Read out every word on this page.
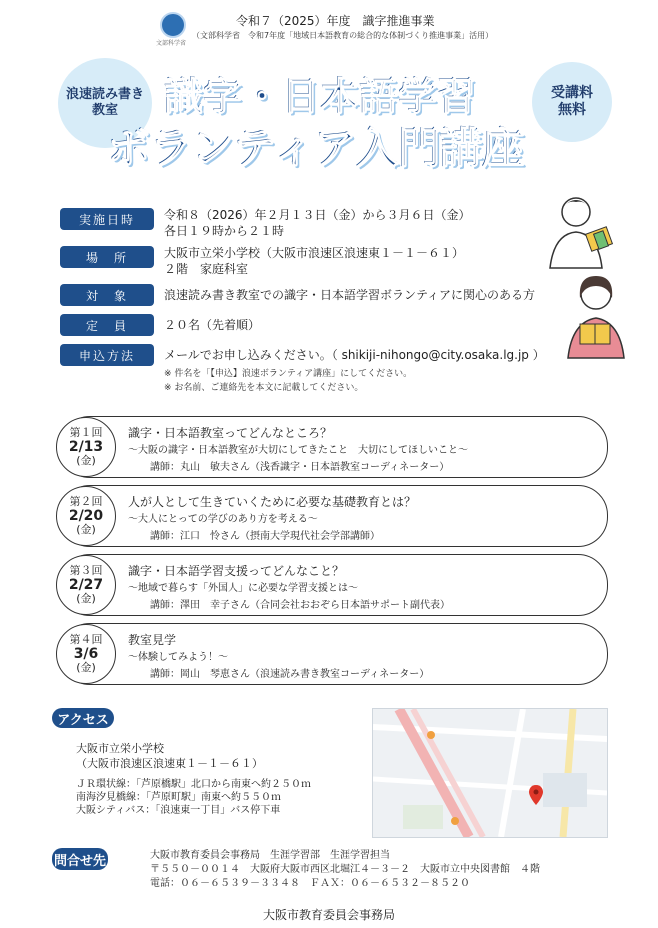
文部科学省
令和７（2025）年度　識字推進事業
（文部科学省　令和7年度「地域日本語教育の総合的な体制づくり推進事業」活用）
浪速読み書き
教室
受講料
無料
識字・日本語学習
ボランティア入門講座
実施日時	令和８（2026）年２月１３日（金）から３月６日（金）
各日１９時から２１時
場　所	大阪市立栄小学校（大阪市浪速区浪速東１－１－６１）
２階　家庭科室
対　象	浪速読み書き教室での識字・日本語学習ボランティアに関心のある方
定　員	２０名（先着順）
申込方法	メールでお申し込みください。（ shikiji-nihongo@city.osaka.lg.jp ）
※ 件名を「【申込】浪速ボランティア講座」にしてください。
※ お名前、ご連絡先を本文に記載してください。
第１回
2/13
(金)
識字・日本語教室ってどんなところ？
～大阪の識字・日本語教室が大切にしてきたこと　大切にしてほしいこと～
講師：丸山　敏夫さん（浅香識字・日本語教室コーディネーター）
第２回
2/20
(金)
人が人として生きていくために必要な基礎教育とは？
～大人にとっての学びのあり方を考える～
講師：江口　怜さん（摂南大学現代社会学部講師）
第３回
2/27
(金)
識字・日本語学習支援ってどんなこと？
～地域で暮らす「外国人」に必要な学習支援とは～
講師：澤田　幸子さん（合同会社おおぞら日本語サポート副代表）
第４回
3/6
(金)
教室見学
～体験してみよう！～
講師：岡山　琴恵さん（浪速読み書き教室コーディネーター）
アクセス
大阪市立栄小学校
（大阪市浪速区浪速東１－１－６１）
ＪＲ環状線：「芦原橋駅」北口から南東へ約２５０ｍ
南海汐見橋線：「芦原町駅」南東へ約５５０ｍ
大阪シティバス：「浪速東一丁目」バス停下車
問合せ先	大阪市教育委員会事務局　生涯学習部　生涯学習担当
〒５５０－００１４　大阪府大阪市西区北堀江４－３－２　大阪市立中央図書館　４階
電話：０６－６５３９－３３４８　ＦＡＸ：０６－６５３２－８５２０
大阪市教育委員会事務局
